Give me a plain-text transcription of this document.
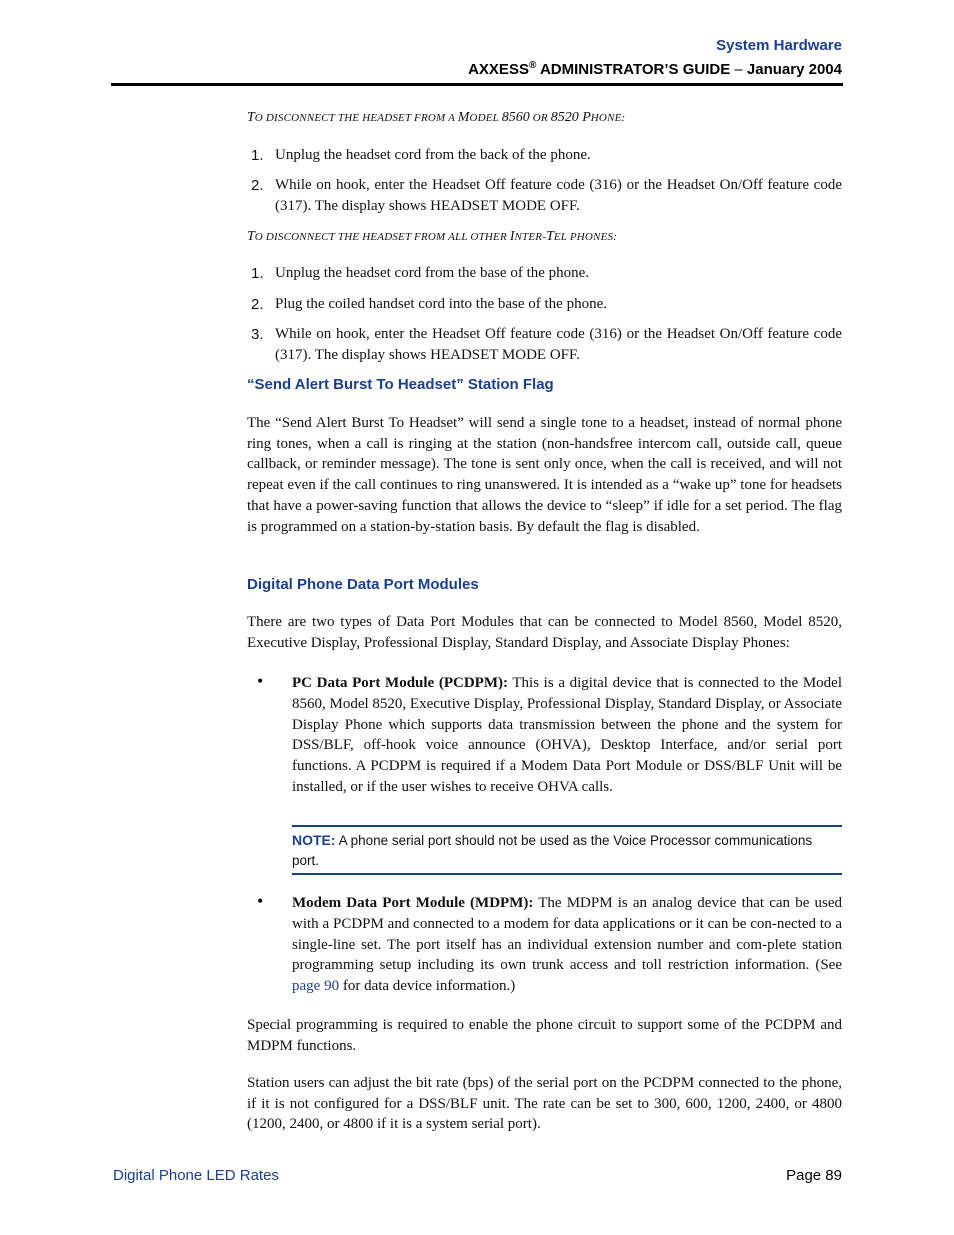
System Hardware
AXXESS® ADMINISTRATOR’S GUIDE – January 2004
TO DISCONNECT THE HEADSET FROM A MODEL 8560 OR 8520 PHONE:
1. Unplug the headset cord from the back of the phone.
2. While on hook, enter the Headset Off feature code (316) or the Headset On/Off feature code (317). The display shows HEADSET MODE OFF.
TO DISCONNECT THE HEADSET FROM ALL OTHER INTER-TEL PHONES:
1. Unplug the headset cord from the base of the phone.
2. Plug the coiled handset cord into the base of the phone.
3. While on hook, enter the Headset Off feature code (316) or the Headset On/Off feature code (317). The display shows HEADSET MODE OFF.
“Send Alert Burst To Headset” Station Flag
The “Send Alert Burst To Headset” will send a single tone to a headset, instead of normal phone ring tones, when a call is ringing at the station (non-handsfree intercom call, outside call, queue callback, or reminder message). The tone is sent only once, when the call is received, and will not repeat even if the call continues to ring unanswered. It is intended as a “wake up” tone for headsets that have a power-saving function that allows the device to “sleep” if idle for a set period. The flag is programmed on a station-by-station basis. By default the flag is disabled.
Digital Phone Data Port Modules
There are two types of Data Port Modules that can be connected to Model 8560, Model 8520, Executive Display, Professional Display, Standard Display, and Associate Display Phones:
• PC Data Port Module (PCDPM): This is a digital device that is connected to the Model 8560, Model 8520, Executive Display, Professional Display, Standard Display, or Associate Display Phone which supports data transmission between the phone and the system for DSS/BLF, off-hook voice announce (OHVA), Desktop Interface, and/or serial port functions. A PCDPM is required if a Modem Data Port Module or DSS/BLF Unit will be installed, or if the user wishes to receive OHVA calls.
NOTE: A phone serial port should not be used as the Voice Processor communications port.
• Modem Data Port Module (MDPM): The MDPM is an analog device that can be used with a PCDPM and connected to a modem for data applications or it can be con-nected to a single-line set. The port itself has an individual extension number and com-plete station programming setup including its own trunk access and toll restriction information. (See page 90 for data device information.)
Special programming is required to enable the phone circuit to support some of the PCDPM and MDPM functions.
Station users can adjust the bit rate (bps) of the serial port on the PCDPM connected to the phone, if it is not configured for a DSS/BLF unit. The rate can be set to 300, 600, 1200, 2400, or 4800 (1200, 2400, or 4800 if it is a system serial port).
Digital Phone LED Rates	Page 89
